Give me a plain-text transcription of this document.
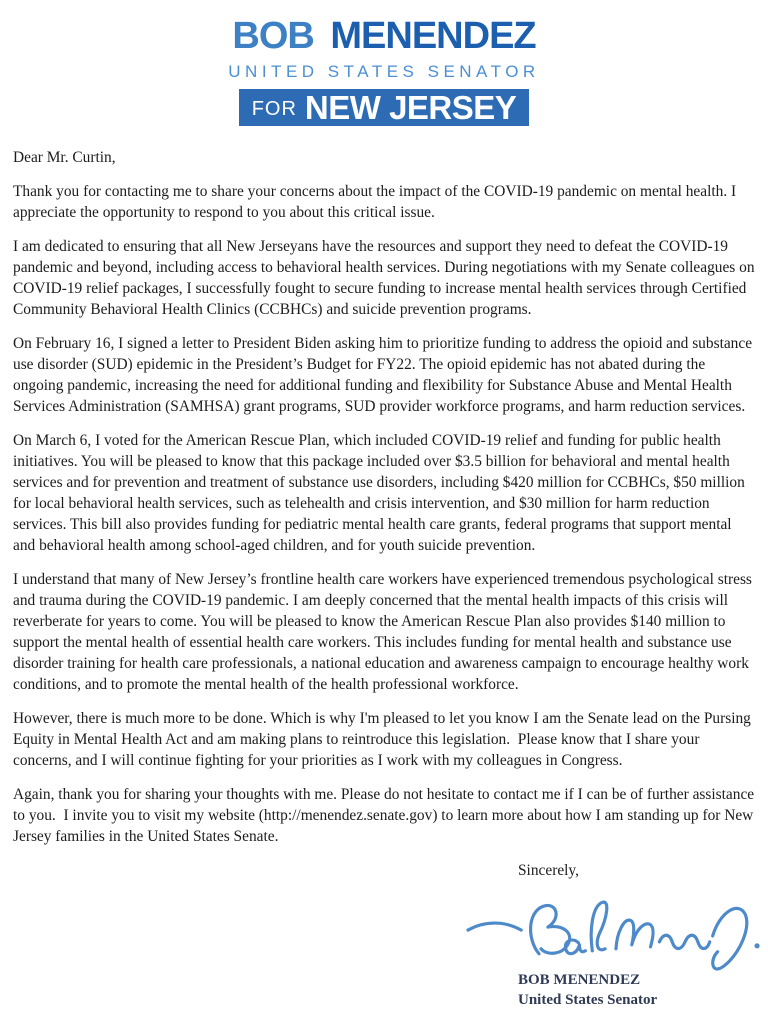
BOB MENENDEZ
UNITED STATES SENATOR
FOR NEW JERSEY

Dear Mr. Curtin,

Thank you for contacting me to share your concerns about the impact of the COVID-19 pandemic on mental health. I appreciate the opportunity to respond to you about this critical issue.

I am dedicated to ensuring that all New Jerseyans have the resources and support they need to defeat the COVID-19 pandemic and beyond, including access to behavioral health services. During negotiations with my Senate colleagues on COVID-19 relief packages, I successfully fought to secure funding to increase mental health services through Certified Community Behavioral Health Clinics (CCBHCs) and suicide prevention programs.

On February 16, I signed a letter to President Biden asking him to prioritize funding to address the opioid and substance use disorder (SUD) epidemic in the President’s Budget for FY22. The opioid epidemic has not abated during the ongoing pandemic, increasing the need for additional funding and flexibility for Substance Abuse and Mental Health Services Administration (SAMHSA) grant programs, SUD provider workforce programs, and harm reduction services.

On March 6, I voted for the American Rescue Plan, which included COVID-19 relief and funding for public health initiatives. You will be pleased to know that this package included over $3.5 billion for behavioral and mental health services and for prevention and treatment of substance use disorders, including $420 million for CCBHCs, $50 million for local behavioral health services, such as telehealth and crisis intervention, and $30 million for harm reduction services. This bill also provides funding for pediatric mental health care grants, federal programs that support mental and behavioral health among school-aged children, and for youth suicide prevention.

I understand that many of New Jersey’s frontline health care workers have experienced tremendous psychological stress and trauma during the COVID-19 pandemic. I am deeply concerned that the mental health impacts of this crisis will reverberate for years to come. You will be pleased to know the American Rescue Plan also provides $140 million to support the mental health of essential health care workers. This includes funding for mental health and substance use disorder training for health care professionals, a national education and awareness campaign to encourage healthy work conditions, and to promote the mental health of the health professional workforce.

However, there is much more to be done. Which is why I'm pleased to let you know I am the Senate lead on the Pursing Equity in Mental Health Act and am making plans to reintroduce this legislation.  Please know that I share your concerns, and I will continue fighting for your priorities as I work with my colleagues in Congress.

Again, thank you for sharing your thoughts with me. Please do not hesitate to contact me if I can be of further assistance to you.  I invite you to visit my website (http://menendez.senate.gov) to learn more about how I am standing up for New Jersey families in the United States Senate.

Sincerely,

BOB MENENDEZ
United States Senator
